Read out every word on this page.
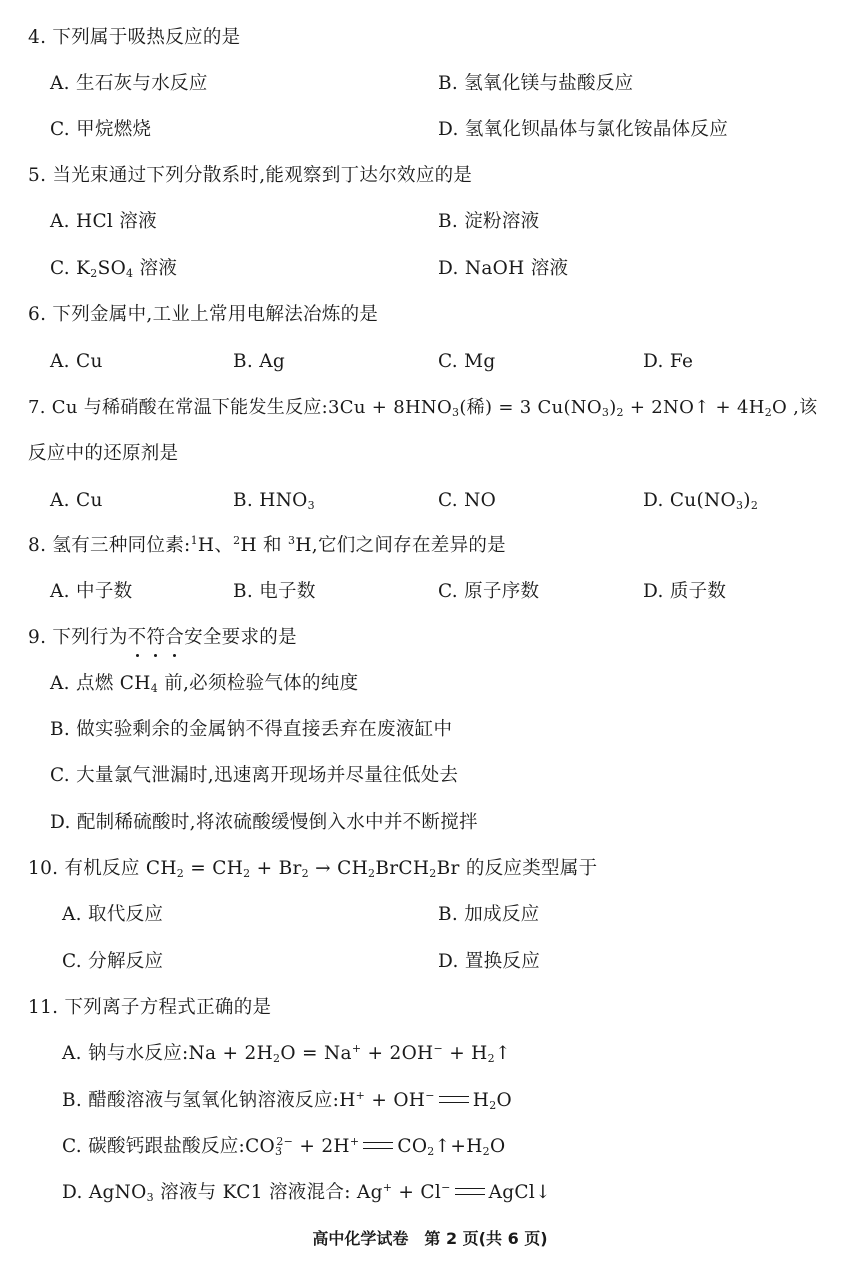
4. 下列属于吸热反应的是
A. 生石灰与水反应	B. 氢氧化镁与盐酸反应
C. 甲烷燃烧	D. 氢氧化钡晶体与氯化铵晶体反应
5. 当光束通过下列分散系时,能观察到丁达尔效应的是
A. HCl 溶液	B. 淀粉溶液
C. $K_2SO_4$ 溶液	D. NaOH 溶液
6. 下列金属中,工业上常用电解法冶炼的是
A. Cu	B. Ag	C. Mg	D. Fe
7. Cu 与稀硝酸在常温下能发生反应:3Cu + $8HNO_3$(稀) = 3 $Cu(NO_3)_2$ + 2NO↑ + $4H_2O$ ,该
反应中的还原剂是
A. Cu	B. $HNO_3$	C. NO	D. $Cu(NO_3)_2$
8. 氢有三种同位素:$^1$H、$^2$H 和 $^3$H,它们之间存在差异的是
A. 中子数	B. 电子数	C. 原子序数	D. 质子数
9. 下列行为不符合安全要求的是
A. 点燃 $CH_4$ 前,必须检验气体的纯度
B. 做实验剩余的金属钠不得直接丢弃在废液缸中
C. 大量氯气泄漏时,迅速离开现场并尽量往低处去
D. 配制稀硫酸时,将浓硫酸缓慢倒入水中并不断搅拌
10. 有机反应 $CH_2 = CH_2 + Br_2$ → $CH_2BrCH_2Br$ 的反应类型属于
A. 取代反应	B. 加成反应
C. 分解反应	D. 置换反应
11. 下列离子方程式正确的是
A. 钠与水反应:Na + $2H_2O = Na^+ + 2OH^-$ + $H_2↑$
B. 醋酸溶液与氢氧化钠溶液反应:H+ + OH− $H_2O$
C. 碳酸钙跟盐酸反应$:CO_3^{2-} + 2H^+$ $CO_2↑+H_2O$
D. AgNO$_3$ 溶液与 KC1 溶液混合: Ag+ + Cl− AgCl↓
高中化学试卷　第 2 页(共 6 页)
